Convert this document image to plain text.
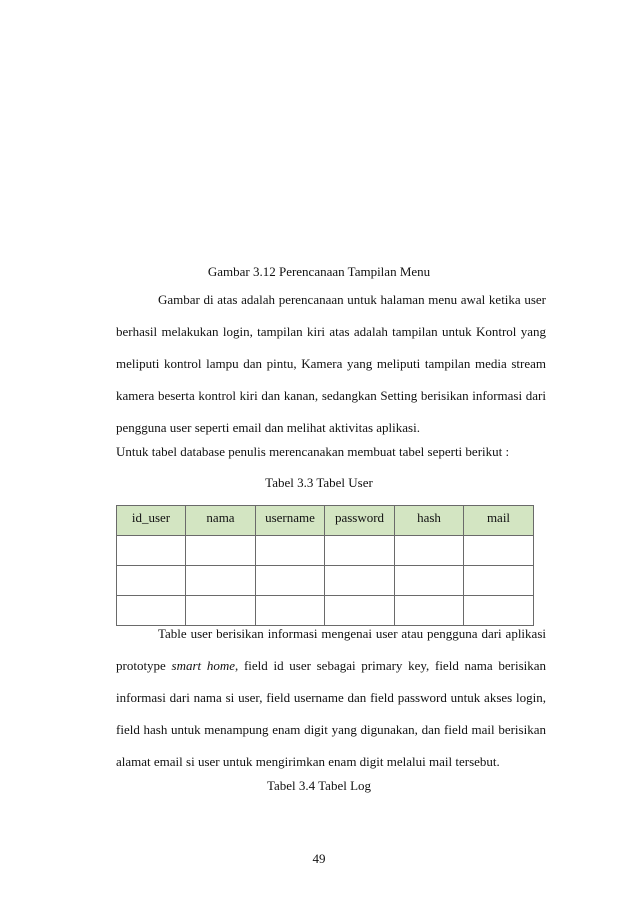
Gambar 3.12 Perencanaan Tampilan Menu
Gambar di atas adalah perencanaan untuk halaman menu awal ketika user
berhasil melakukan login, tampilan kiri atas adalah tampilan untuk Kontrol yang
meliputi kontrol lampu dan pintu, Kamera yang meliputi tampilan media stream
kamera beserta kontrol kiri dan kanan, sedangkan Setting berisikan informasi dari
pengguna user seperti email dan melihat aktivitas aplikasi.
Untuk tabel database penulis merencanakan membuat tabel seperti berikut :
Tabel 3.3 Tabel User
id_user	nama	username	password	hash	mail

Table user berisikan informasi mengenai user atau pengguna dari aplikasi
prototype smart home, field id user sebagai primary key, field nama berisikan
informasi dari nama si user, field username dan field password untuk akses login,
field hash untuk menampung enam digit yang digunakan, dan field mail berisikan
alamat email si user untuk mengirimkan enam digit melalui mail tersebut.
Tabel 3.4 Tabel Log
49
